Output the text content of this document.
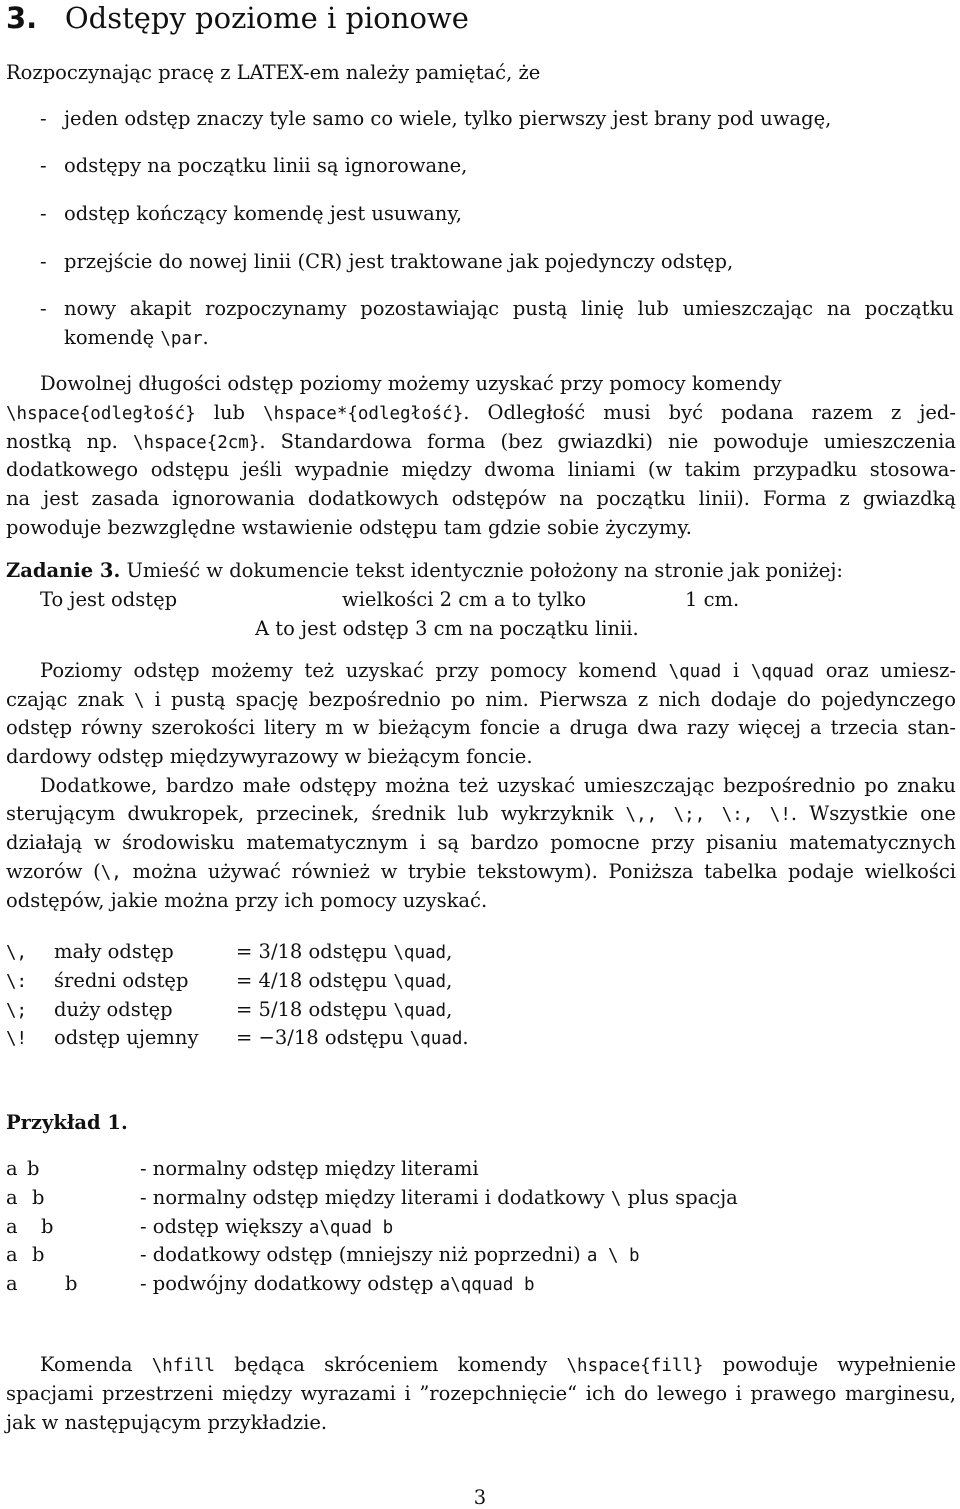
3. Odstępy poziome i pionowe
Rozpoczynając pracę z LATEX-em należy pamiętać, że
- jeden odstęp znaczy tyle samo co wiele, tylko pierwszy jest brany pod uwagę,
- odstępy na początku linii są ignorowane,
- odstęp kończący komendę jest usuwany,
- przejście do nowej linii (CR) jest traktowane jak pojedynczy odstęp,
- nowy akapit rozpoczynamy pozostawiając pustą linię lub umieszczając na początku
komendę \par.
Dowolnej długości odstęp poziomy możemy uzyskać przy pomocy komendy
\hspace{odległość} lub \hspace*{odległość}. Odległość musi być podana razem z jed-
nostką np. \hspace{2cm}. Standardowa forma (bez gwiazdki) nie powoduje umieszczenia
dodatkowego odstępu jeśli wypadnie między dwoma liniami (w takim przypadku stosowa-
na jest zasada ignorowania dodatkowych odstępów na początku linii). Forma z gwiazdką
powoduje bezwzględne wstawienie odstępu tam gdzie sobie życzymy.
Zadanie 3. Umieść w dokumencie tekst identycznie położony na stronie jak poniżej:
To jest odstęp	wielkości 2 cm a to tylko	1 cm.
A to jest odstęp 3 cm na początku linii.
Poziomy odstęp możemy też uzyskać przy pomocy komend \quad i \qquad oraz umiesz-
czając znak \ i pustą spację bezpośrednio po nim. Pierwsza z nich dodaje do pojedynczego
odstęp równy szerokości litery m w bieżącym foncie a druga dwa razy więcej a trzecia stan-
dardowy odstęp międzywyrazowy w bieżącym foncie.
Dodatkowe, bardzo małe odstępy można też uzyskać umieszczając bezpośrednio po znaku
sterującym dwukropek, przecinek, średnik lub wykrzyknik \,, \;, \:, \!. Wszystkie one
działają w środowisku matematycznym i są bardzo pomocne przy pisaniu matematycznych
wzorów (\, można używać również w trybie tekstowym). Poniższa tabelka podaje wielkości
odstępów, jakie można przy ich pomocy uzyskać.
\, mały odstęp	= 3/18 odstępu \quad,
\: średni odstęp = 4/18 odstępu \quad,
\; duży odstęp	= 5/18 odstępu \quad,
\! odstęp ujemny = −3/18 odstępu \quad.
Przykład 1.
a b	- normalny odstęp między literami
a b	- normalny odstęp między literami i dodatkowy \ plus spacja
a b	- odstęp większy a\quad b
a b	- dodatkowy odstęp (mniejszy niż poprzedni) a \ b
a b	- podwójny dodatkowy odstęp a\qquad b
Komenda \hfill będąca skróceniem komendy \hspace{fill} powoduje wypełnienie
spacjami przestrzeni między wyrazami i ”rozepchnięcie“ ich do lewego i prawego marginesu,
jak w następującym przykładzie.
3
